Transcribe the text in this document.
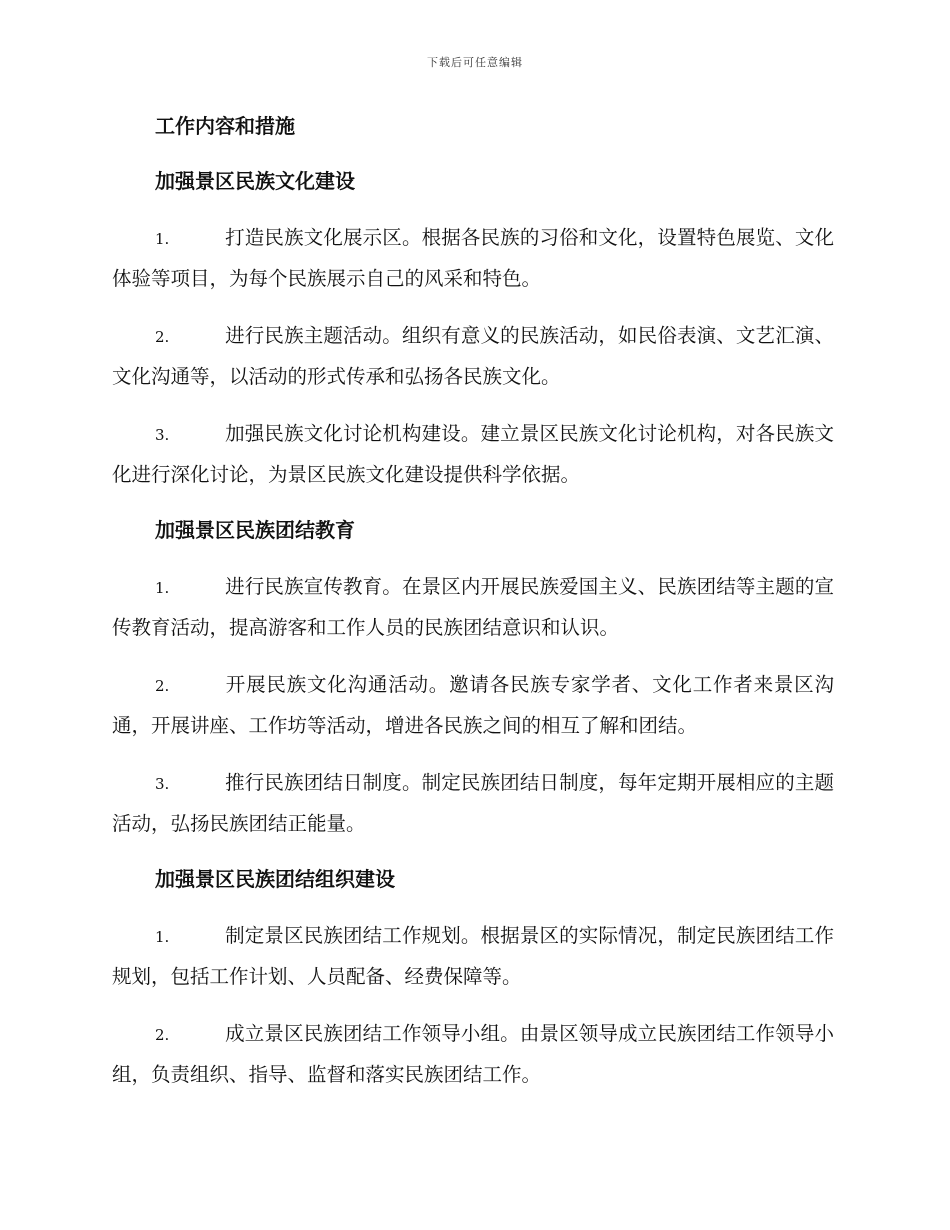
下载后可任意编辑
工作内容和措施
加强景区民族文化建设

1.	打造民族文化展示区。根据各民族的习俗和文化，设置特色展览、文化体验等项目，为每个民族展示自己的风采和特色。

2.	进行民族主题活动。组织有意义的民族活动，如民俗表演、文艺汇演、文化沟通等，以活动的形式传承和弘扬各民族文化。

3.	加强民族文化讨论机构建设。建立景区民族文化讨论机构，对各民族文化进行深化讨论，为景区民族文化建设提供科学依据。

加强景区民族团结教育

1.	进行民族宣传教育。在景区内开展民族爱国主义、民族团结等主题的宣传教育活动，提高游客和工作人员的民族团结意识和认识。

2.	开展民族文化沟通活动。邀请各民族专家学者、文化工作者来景区沟通，开展讲座、工作坊等活动，增进各民族之间的相互了解和团结。

3.	推行民族团结日制度。制定民族团结日制度，每年定期开展相应的主题活动，弘扬民族团结正能量。

加强景区民族团结组织建设

1.	制定景区民族团结工作规划。根据景区的实际情况，制定民族团结工作规划，包括工作计划、人员配备、经费保障等。

2.	成立景区民族团结工作领导小组。由景区领导成立民族团结工作领导小组，负责组织、指导、监督和落实民族团结工作。
